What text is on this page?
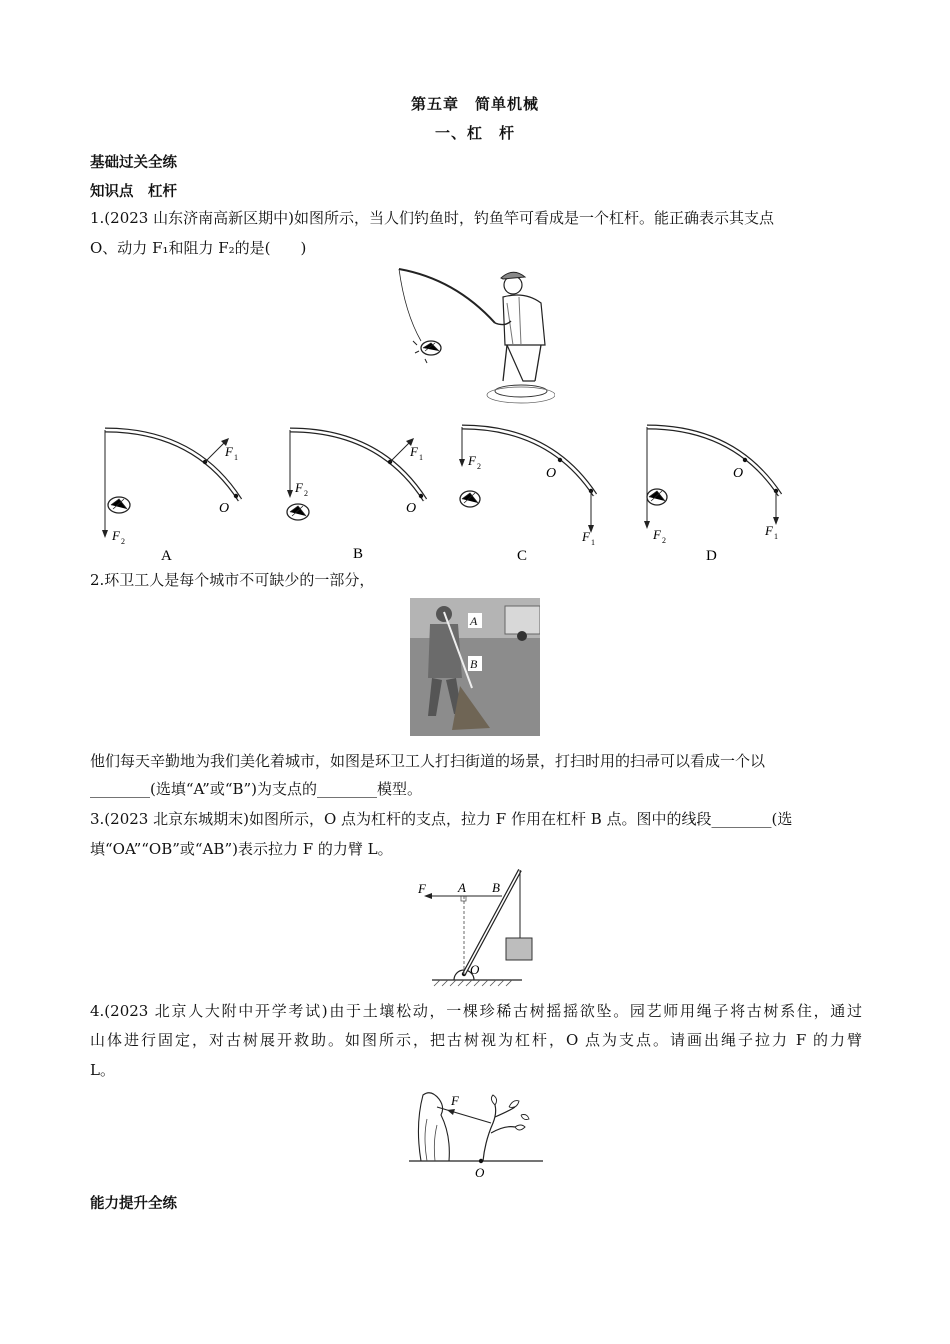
第五章　简单机械
一、杠　杆
基础过关全练
知识点　杠杆
1.(2023 山东济南高新区期中)如图所示，当人们钓鱼时，钓鱼竿可看成是一个杠杆。能正确表示其支点
O、动力 F₁和阻力 F₂的是(　　)
F 1
F 2
O
A
F 1
F 2
O
B
F 2
F 1
O
C
F 2
F 1
O
D
2.环卫工人是每个城市不可缺少的一部分，
A
B
他们每天辛勤地为我们美化着城市，如图是环卫工人打扫街道的场景，打扫时用的扫帚可以看成一个以
________(选填“A”或“B”)为支点的________模型。
3.(2023 北京东城期末)如图所示，O 点为杠杆的支点，拉力 F 作用在杠杆 B 点。图中的线段________(选
填“OA”“OB”或“AB”)表示拉力 F 的力臂 L。
F A B
O
4.(2023 北京人大附中开学考试)由于土壤松动，一棵珍稀古树摇摇欲坠。园艺师用绳子将古树系住，通过
山体进行固定，对古树展开救助。如图所示，把古树视为杠杆，O 点为支点。请画出绳子拉力 F 的力臂
L。
F
O
能力提升全练
